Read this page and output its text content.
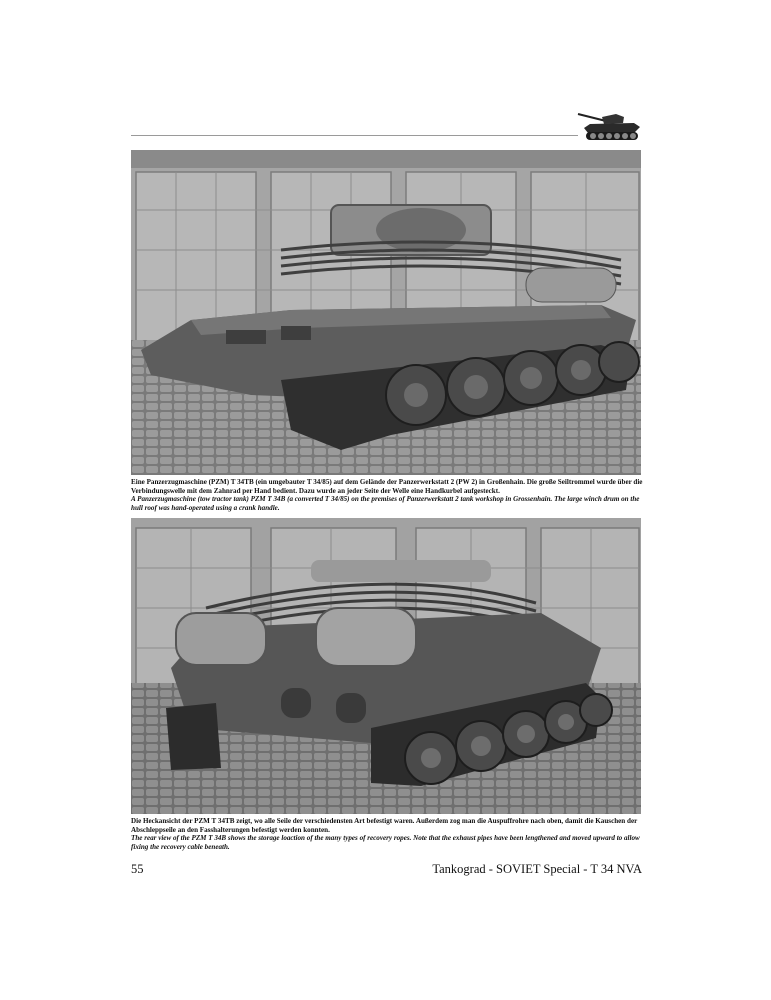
Eine Panzerzugmaschine (PZM) T 34TB (ein umgebauter T 34/85) auf dem Gelände der Panzerwerkstatt 2 (PW 2) in Großenhain. Die große Seiltrommel wurde über die Verbindungswelle mit dem Zahnrad per Hand bedient. Dazu wurde an jeder Seite der Welle eine Handkurbel aufgesteckt.
A Panzerzugmaschine (tow tractor tank) PZM T 34B (a converted T 34/85) on the premises of Panzerwerkstatt 2 tank workshop in Grossenhain. The large winch drum on the hull roof was hand-operated using a crank handle.
Die Heckansicht der PZM T 34TB zeigt, wo alle Seile der verschiedensten Art befestigt waren. Außerdem zog man die Auspuffrohre nach oben, damit die Kauschen der Abschleppseile an den Fasshalterungen befestigt werden konnten.
The rear view of the PZM T 34B shows the storage loaction of the many types of recovery ropes. Note that the exhaust pipes have been lengthened and moved upward to allow fixing the recovery cable beneath.
55	Tankograd - SOVIET Special - T 34 NVA
